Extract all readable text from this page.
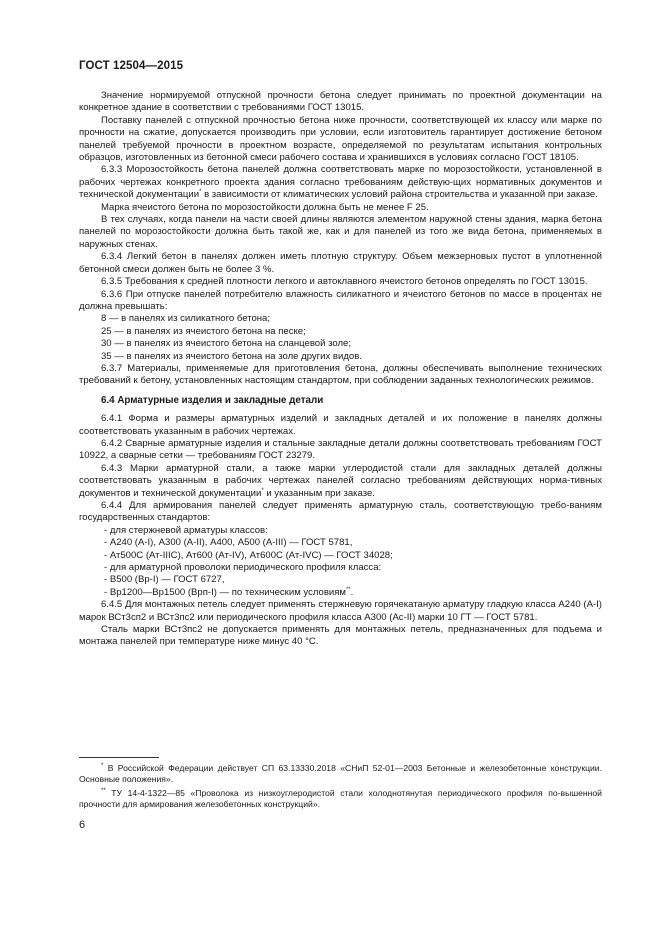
ГОСТ 12504—2015

Значение нормируемой отпускной прочности бетона следует принимать по проектной документации на конкретное здание в соответствии с требованиями ГОСТ 13015.

Поставку панелей с отпускной прочностью бетона ниже прочности, соответствующей их классу или марке по прочности на сжатие, допускается производить при условии, если изготовитель гарантирует достижение бетоном панелей требуемой прочности в проектном возрасте, определяемой по результатам испытания контрольных образцов, изготовленных из бетонной смеси рабочего состава и хранившихся в условиях согласно ГОСТ 18105.

6.3.3 Морозостойкость бетона панелей должна соответствовать марке по морозостойкости, установленной в рабочих чертежах конкретного проекта здания согласно требованиям действую-щих нормативных документов и технической документации* в зависимости от климатических условий района строительства и указанной при заказе.

Марка ячеистого бетона по морозостойкости должна быть не менее F 25.

В тех случаях, когда панели на части своей длины являются элементом наружной стены здания, марка бетона панелей по морозостойкости должна быть такой же, как и для панелей из того же вида бетона, применяемых в наружных стенах.

6.3.4 Легкий бетон в панелях должен иметь плотную структуру. Объем межзерновых пустот в уплотненной бетонной смеси должен быть не более 3 %.

6.3.5 Требования к средней плотности легкого и автоклавного ячеистого бетонов определять по ГОСТ 13015.

6.3.6 При отпуске панелей потребителю влажность силикатного и ячеистого бетонов по массе в процентах не должна превышать:

8 — в панелях из силикатного бетона;

25 — в панелях из ячеистого бетона на песке;

30 — в панелях из ячеистого бетона на сланцевой золе;

35 — в панелях из ячеистого бетона на золе других видов.

6.3.7 Материалы, применяемые для приготовления бетона, должны обеспечивать выполнение технических требований к бетону, установленных настоящим стандартом, при соблюдении заданных технологических режимов.

6.4 Арматурные изделия и закладные детали

6.4.1 Форма и размеры арматурных изделий и закладных деталей и их положение в панелях должны соответствовать указанным в рабочих чертежах.

6.4.2 Сварные арматурные изделия и стальные закладные детали должны соответствовать требованиям ГОСТ 10922, а сварные сетки — требованиям ГОСТ 23279.

6.4.3 Марки арматурной стали, а также марки углеродистой стали для закладных деталей должны соответствовать указанным в рабочих чертежах панелей согласно требованиям действующих норма-тивных документов и технической документации* и указанным при заказе.

6.4.4 Для армирования панелей следует применять арматурную сталь, соответствующую требо-ваниям государственных стандартов:

- для стержневой арматуры классов:

- А240 (А-I), А300 (А-II), А400, А500 (А-III) — ГОСТ 5781,

- Ат500С (Ат-IIIС), Ат600 (Ат-IV), Ат600С (Ат-IVС) — ГОСТ 34028;

- для арматурной проволоки периодического профиля класса:

- В500 (Вр-I) — ГОСТ 6727,

- Вр1200—Вр1500 (Врп-I) — по техническим условиям**.

6.4.5 Для монтажных петель следует применять стержневую горячекатаную арматуру гладкую класса А240 (А-I) марок ВСт3сп2 и ВСт3пс2 или периодического профиля класса А300 (Ас-II) марки 10 ГТ — ГОСТ 5781.

Сталь марки ВСт3пс2 не допускается применять для монтажных петель, предназначенных для подъема и монтажа панелей при температуре ниже минус 40 °С.

* В Российской Федерации действует СП 63.13330.2018 «СНиП 52-01—2003 Бетонные и железобетонные конструкции. Основные положения».

** ТУ 14-4-1322—85 «Проволока из низкоуглеродистой стали холоднотянутая периодического профиля по-вышенной прочности для армирования железобетонных конструкций».

6
